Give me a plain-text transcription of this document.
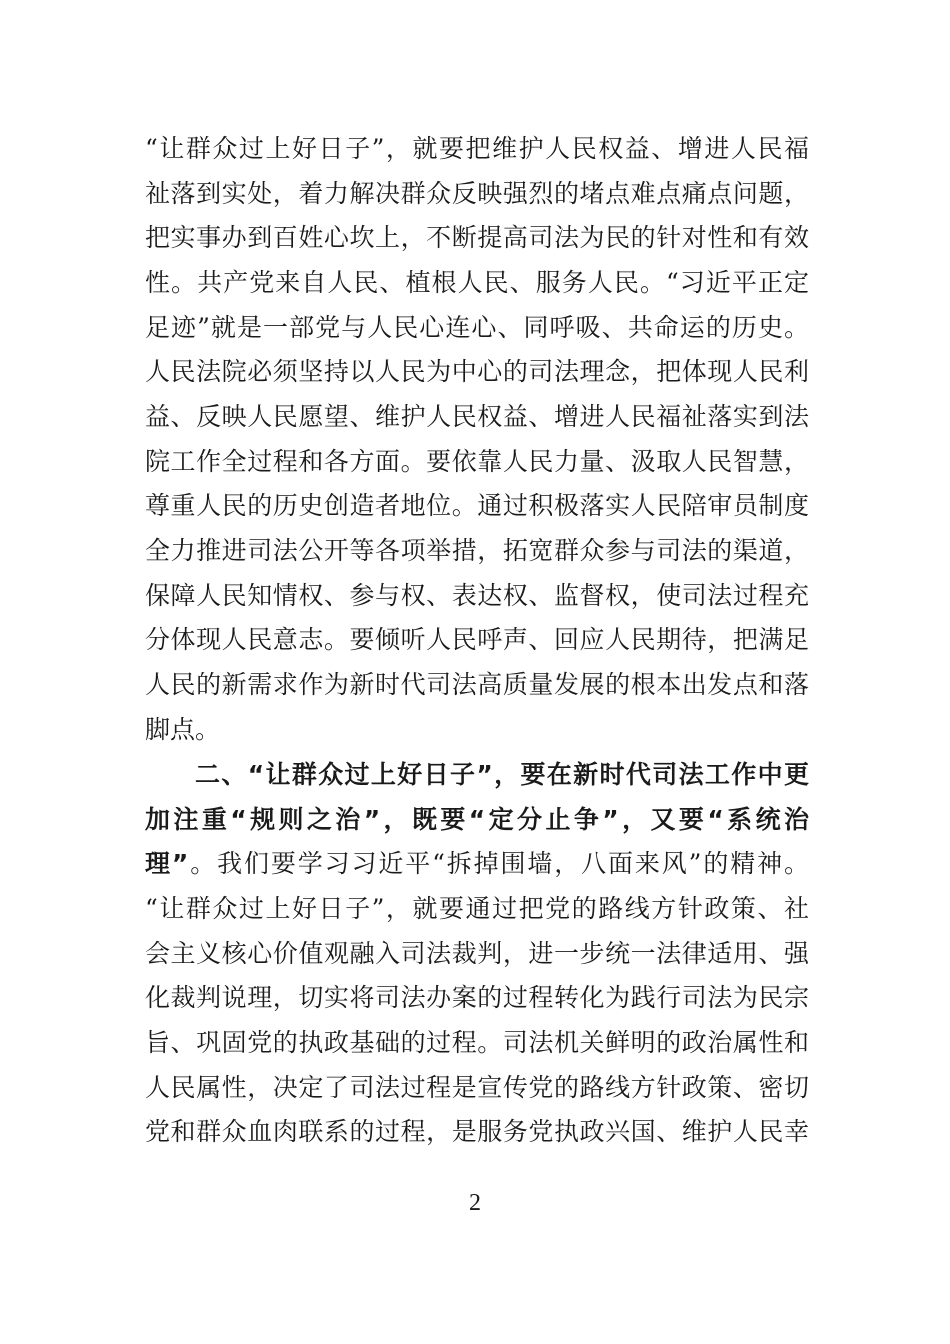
“让群众过上好日子”，就要把维护人民权益、增进人民福
祉落到实处，着力解决群众反映强烈的堵点难点痛点问题，
把实事办到百姓心坎上，不断提高司法为民的针对性和有效
性。共产党来自人民、植根人民、服务人民。“习近平正定
足迹”就是一部党与人民心连心、同呼吸、共命运的历史。
人民法院必须坚持以人民为中心的司法理念，把体现人民利
益、反映人民愿望、维护人民权益、增进人民福祉落实到法
院工作全过程和各方面。要依靠人民力量、汲取人民智慧，
尊重人民的历史创造者地位。通过积极落实人民陪审员制度
全力推进司法公开等各项举措，拓宽群众参与司法的渠道，
保障人民知情权、参与权、表达权、监督权，使司法过程充
分体现人民意志。要倾听人民呼声、回应人民期待，把满足
人民的新需求作为新时代司法高质量发展的根本出发点和落
脚点。
二、“让群众过上好日子”，要在新时代司法工作中更
加注重“规则之治”，既要“定分止争”，又要“系统治
理”。我们要学习习近平“拆掉围墙，八面来风”的精神。
“让群众过上好日子”，就要通过把党的路线方针政策、社
会主义核心价值观融入司法裁判，进一步统一法律适用、强
化裁判说理，切实将司法办案的过程转化为践行司法为民宗
旨、巩固党的执政基础的过程。司法机关鲜明的政治属性和
人民属性，决定了司法过程是宣传党的路线方针政策、密切
党和群众血肉联系的过程，是服务党执政兴国、维护人民幸
2
